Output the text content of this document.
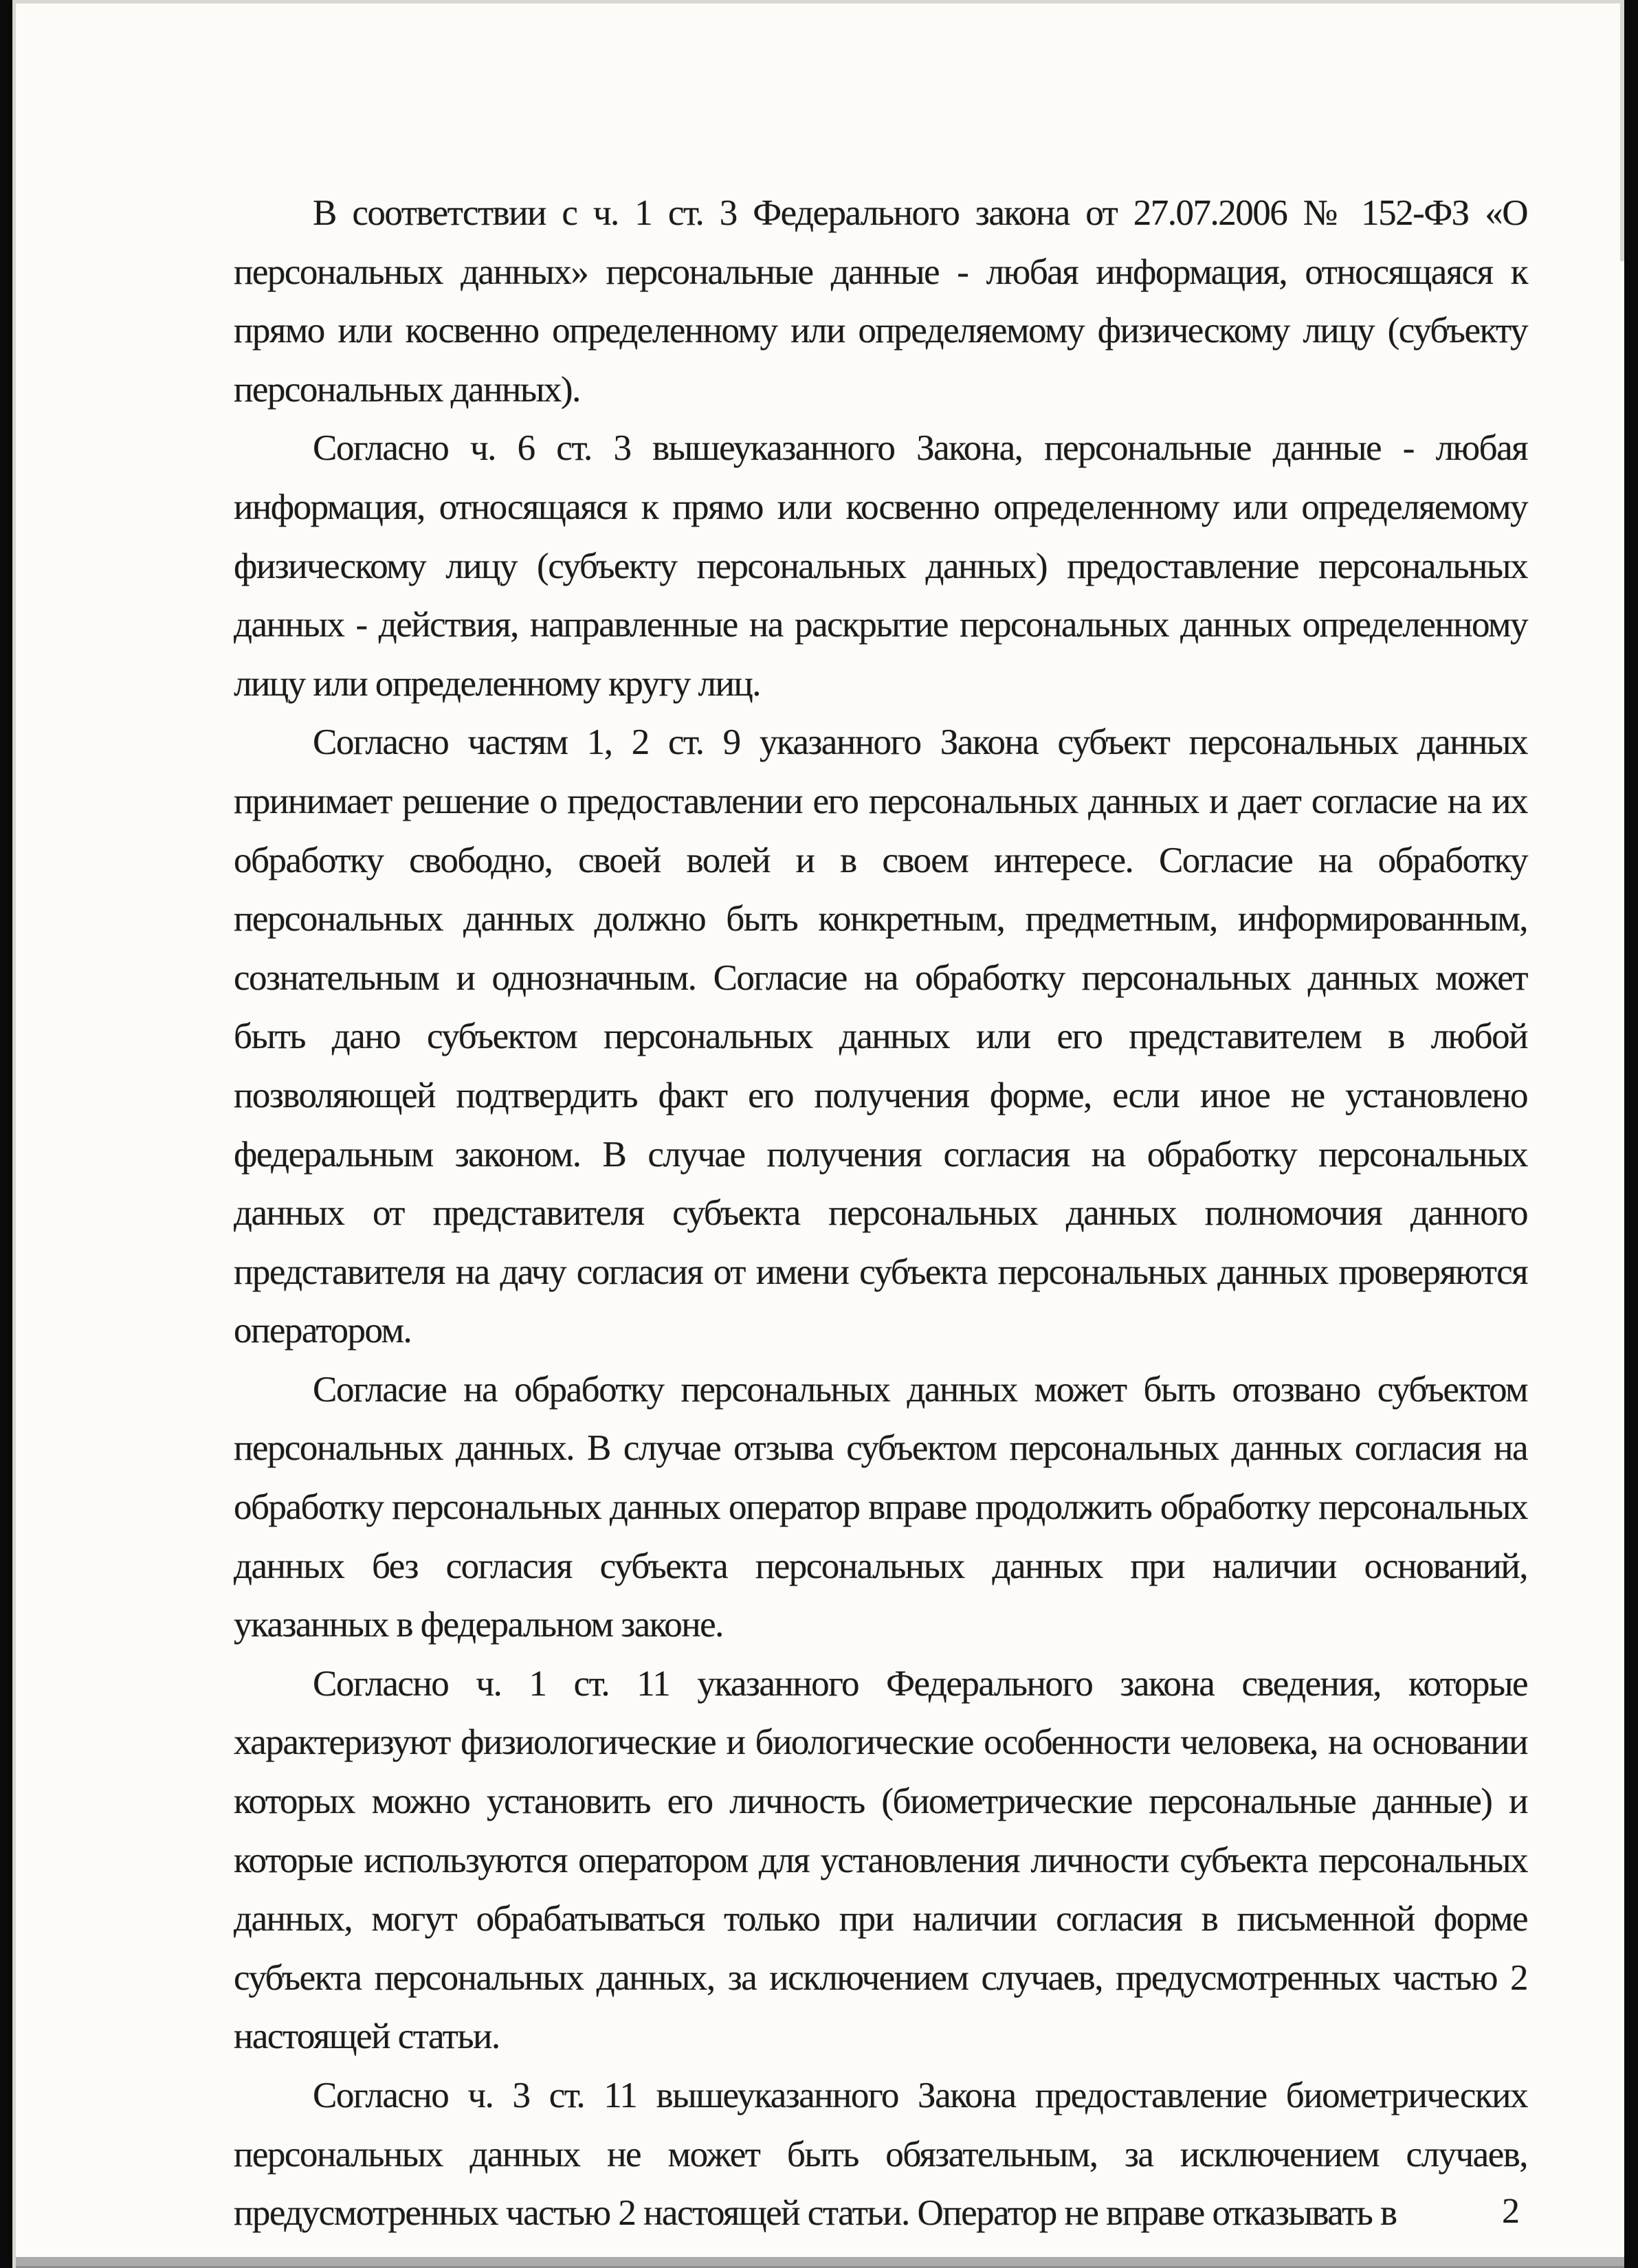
В соответствии с ч. 1 ст. 3 Федерального закона от 27.07.2006 № 152-ФЗ «О персональных данных» персональные данные - любая информация, относящаяся к прямо или косвенно определенному или определяемому физическому лицу (субъекту персональных данных).

Согласно ч. 6 ст. 3 вышеуказанного Закона, персональные данные - любая информация, относящаяся к прямо или косвенно определенному или определяемому физическому лицу (субъекту персональных данных) предоставление персональных данных - действия, направленные на раскрытие персональных данных определенному лицу или определенному кругу лиц.

Согласно частям 1, 2 ст. 9 указанного Закона субъект персональных данных принимает решение о предоставлении его персональных данных и дает согласие на их обработку свободно, своей волей и в своем интересе. Согласие на обработку персональных данных должно быть конкретным, предметным, информированным, сознательным и однозначным. Согласие на обработку персональных данных может быть дано субъектом персональных данных или его представителем в любой позволяющей подтвердить факт его получения форме, если иное не установлено федеральным законом. В случае получения согласия на обработку персональных данных от представителя субъекта персональных данных полномочия данного представителя на дачу согласия от имени субъекта персональных данных проверяются оператором.

Согласие на обработку персональных данных может быть отозвано субъектом персональных данных. В случае отзыва субъектом персональных данных согласия на обработку персональных данных оператор вправе продолжить обработку персональных данных без согласия субъекта персональных данных при наличии оснований, указанных в федеральном законе.

Согласно ч. 1 ст. 11 указанного Федерального закона сведения, которые характеризуют физиологические и биологические особенности человека, на основании которых можно установить его личность (биометрические персональные данные) и которые используются оператором для установления личности субъекта персональных данных, могут обрабатываться только при наличии согласия в письменной форме субъекта персональных данных, за исключением случаев, предусмотренных частью 2 настоящей статьи.

Согласно ч. 3 ст. 11 вышеуказанного Закона предоставление биометрических персональных данных не может быть обязательным, за исключением случаев, предусмотренных частью 2 настоящей статьи. Оператор не вправе отказывать в	2
